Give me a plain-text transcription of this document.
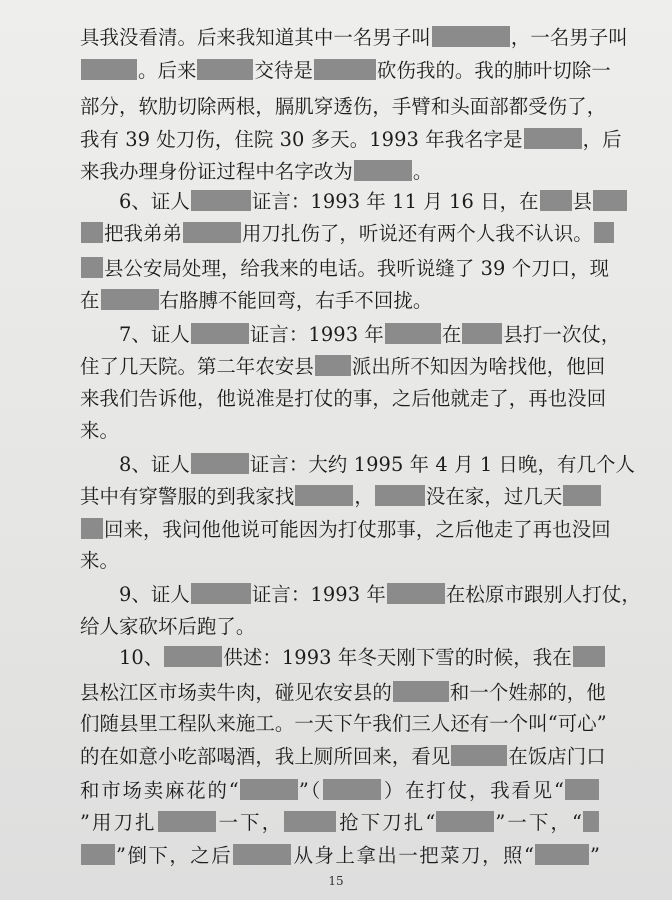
具我没看清。后来我知道其中一名男子叫	，一名男子叫
。后来	交待是	砍伤我的。我的肺叶切除一
部分，软肋切除两根，膈肌穿透伤，手臂和头面部都受伤了，
我有 39 处刀伤，住院 30 多天。1993 年我名字是	，后
来我办理身份证过程中名字改为	。
6、证人	证言：1993 年 11 月 16 日，在 县
把我弟弟	用刀扎伤了，听说还有两个人我不认识。
县公安局处理，给我来的电话。我听说缝了 39 个刀口，现
在	右胳膊不能回弯，右手不回拢。
7、证人	证言：1993 年	在 县打一次仗，
住了几天院。第二年农安县 派出所不知因为啥找他，他回
来我们告诉他，他说准是打仗的事，之后他就走了，再也没回
来。
8、证人	证言：大约 1995 年 4 月 1 日晚，有几个人
其中有穿警服的到我家找	，	没在家，过几天
回来，我问他他说可能因为打仗那事，之后他走了再也没回
来。
9、证人	证言：1993 年	在松原市跟别人打仗，
给人家砍坏后跑了。
10、	供述：1993 年冬天刚下雪的时候，我在
县松江区市场卖牛肉，碰见农安县的	和一个姓郝的，他
们随县里工程队来施工。一天下午我们三人还有一个叫“可心”
的在如意小吃部喝酒，我上厕所回来，看见	在饭店门口
和市场卖麻花的“	”（	）在打仗，我看见“
”用刀扎	一下，	抢下刀扎“	”一下，“
”倒下，之后	从身上拿出一把菜刀，照“	”
15
